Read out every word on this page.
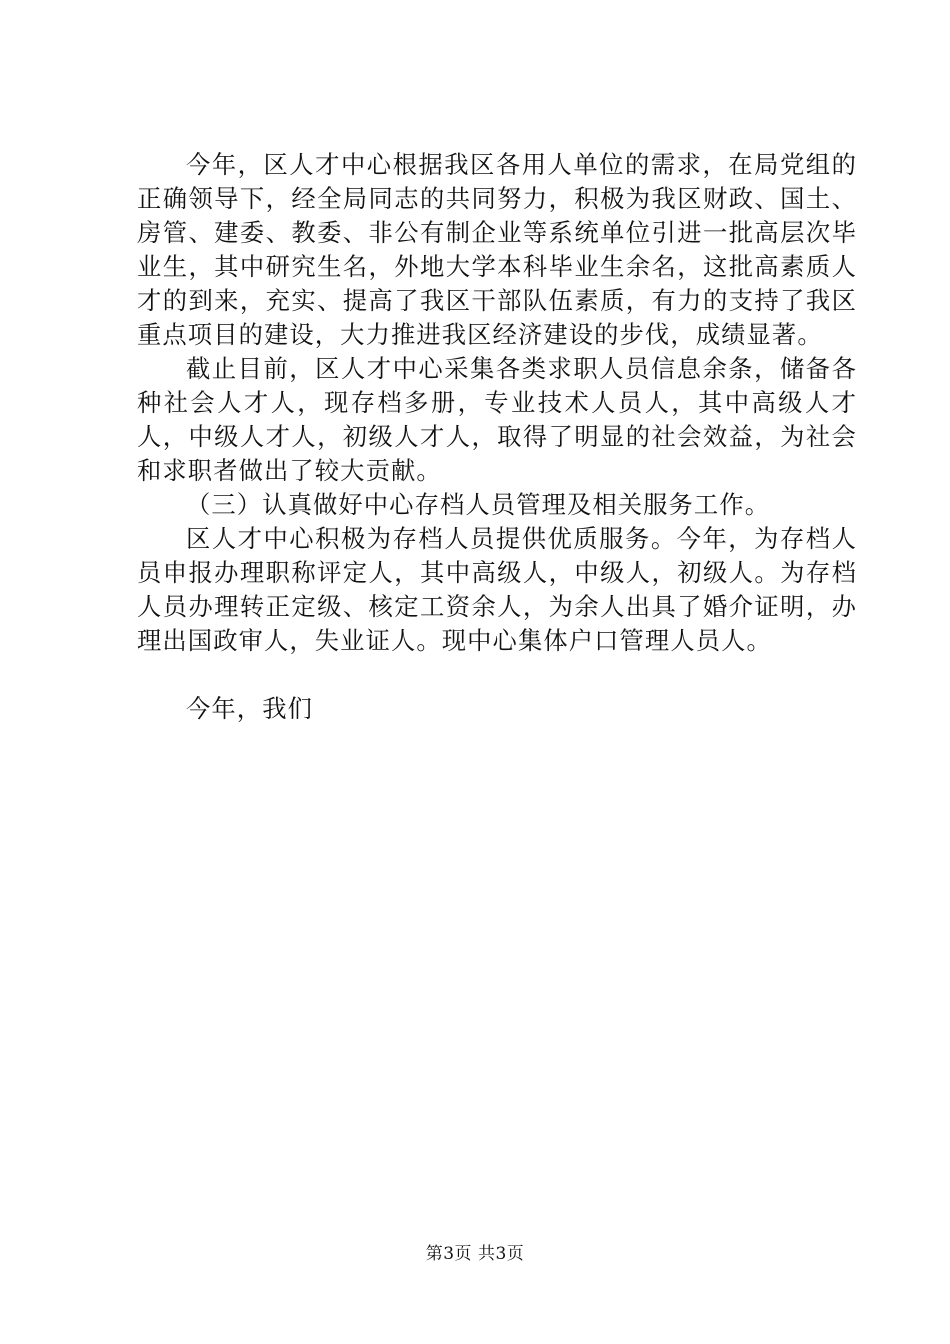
今年，区人才中心根据我区各用人单位的需求，在局党组的正确领导下，经全局同志的共同努力，积极为我区财政、国土、房管、建委、教委、非公有制企业等系统单位引进一批高层次毕业生，其中研究生名，外地大学本科毕业生余名，这批高素质人才的到来，充实、提高了我区干部队伍素质，有力的支持了我区重点项目的建设，大力推进我区经济建设的步伐，成绩显著。

截止目前，区人才中心采集各类求职人员信息余条，储备各种社会人才人，现存档多册，专业技术人员人，其中高级人才人，中级人才人，初级人才人，取得了明显的社会效益，为社会和求职者做出了较大贡献。

（三）认真做好中心存档人员管理及相关服务工作。

区人才中心积极为存档人员提供优质服务。今年，为存档人员申报办理职称评定人，其中高级人，中级人，初级人。为存档人员办理转正定级、核定工资余人，为余人出具了婚介证明，办理出国政审人，失业证人。现中心集体户口管理人员人。

今年，我们

第3页 共3页
